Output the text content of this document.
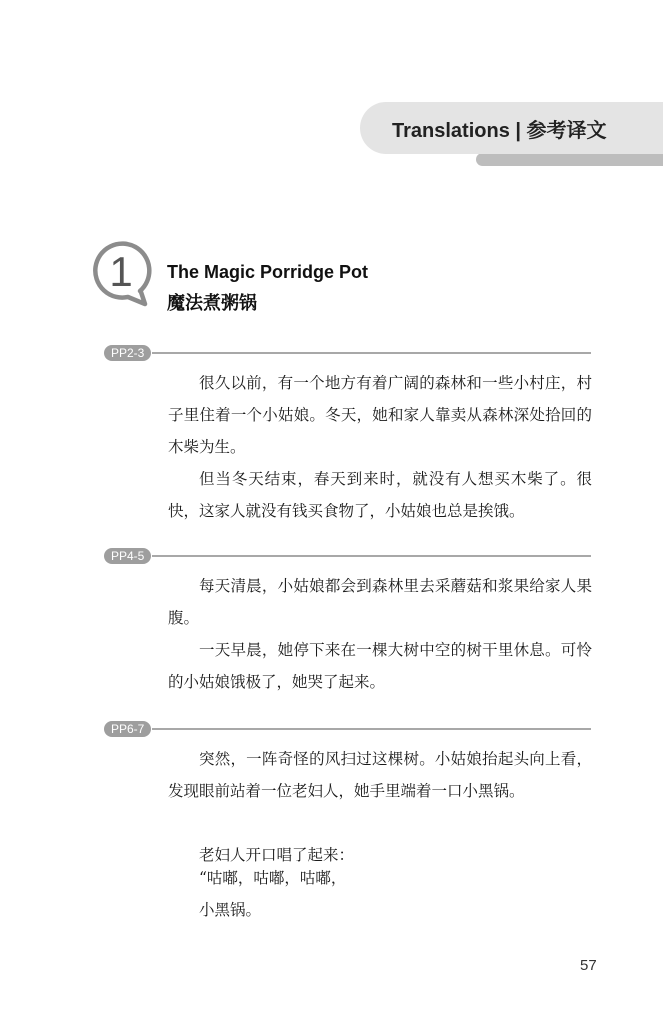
Translations | 参考译文
1 The Magic Porridge Pot
魔法煮粥锅
PP2-3

很久以前，有一个地方有着广阔的森林和一些小村庄，村子里住着一个小姑娘。冬天，她和家人靠卖从森林深处拾回的木柴为生。

但当冬天结束，春天到来时，就没有人想买木柴了。很快，这家人就没有钱买食物了，小姑娘也总是挨饿。

PP4-5

每天清晨，小姑娘都会到森林里去采蘑菇和浆果给家人果腹。

一天早晨，她停下来在一棵大树中空的树干里休息。可怜的小姑娘饿极了，她哭了起来。

PP6-7

突然，一阵奇怪的风扫过这棵树。小姑娘抬起头向上看，发现眼前站着一位老妇人，她手里端着一口小黑锅。

老妇人开口唱了起来：

“咕嘟，咕嘟，咕嘟，

小黑锅。

57
